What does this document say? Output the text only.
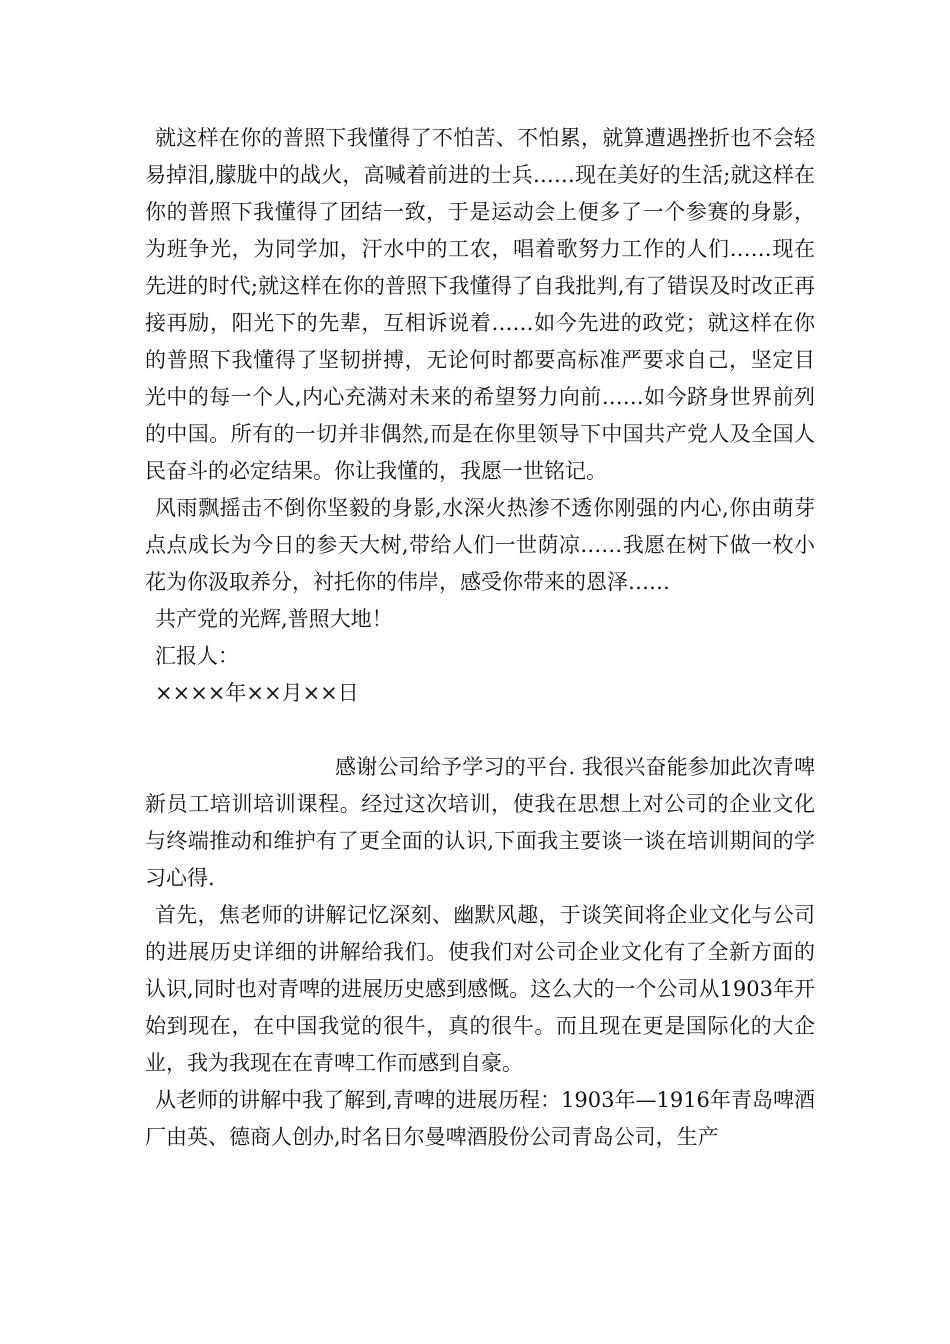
就这样在你的普照下我懂得了不怕苦、不怕累，就算遭遇挫折也不会轻易掉泪,朦胧中的战火，高喊着前进的士兵……现在美好的生活;就这样在你的普照下我懂得了团结一致，于是运动会上便多了一个参赛的身影，为班争光，为同学加，汗水中的工农，唱着歌努力工作的人们……现在先进的时代;就这样在你的普照下我懂得了自我批判,有了错误及时改正再接再励，阳光下的先辈，互相诉说着……如今先进的政党；就这样在你的普照下我懂得了坚韧拼搏，无论何时都要高标准严要求自己，坚定目光中的每一个人,内心充满对未来的希望努力向前……如今跻身世界前列的中国。所有的一切并非偶然,而是在你里领导下中国共产党人及全国人民奋斗的必定结果。你让我懂的，我愿一世铭记。

风雨飘摇击不倒你坚毅的身影,水深火热渗不透你刚强的内心,你由萌芽点点成长为今日的参天大树,带给人们一世荫凉……我愿在树下做一枚小花为你汲取养分，衬托你的伟岸，感受你带来的恩泽……

共产党的光辉,普照大地！

汇报人：

××××年××月××日

感谢公司给予学习的平台. 我很兴奋能参加此次青啤新员工培训培训课程。经过这次培训，使我在思想上对公司的企业文化与终端推动和维护有了更全面的认识,下面我主要谈一谈在培训期间的学习心得.

首先，焦老师的讲解记忆深刻、幽默风趣，于谈笑间将企业文化与公司的进展历史详细的讲解给我们。使我们对公司企业文化有了全新方面的认识,同时也对青啤的进展历史感到感慨。这么大的一个公司从1903年开始到现在，在中国我觉的很牛，真的很牛。而且现在更是国际化的大企业，我为我现在在青啤工作而感到自豪。

从老师的讲解中我了解到,青啤的进展历程：1903年—1916年青岛啤酒厂由英、德商人创办,时名日尔曼啤酒股份公司青岛公司，生产
